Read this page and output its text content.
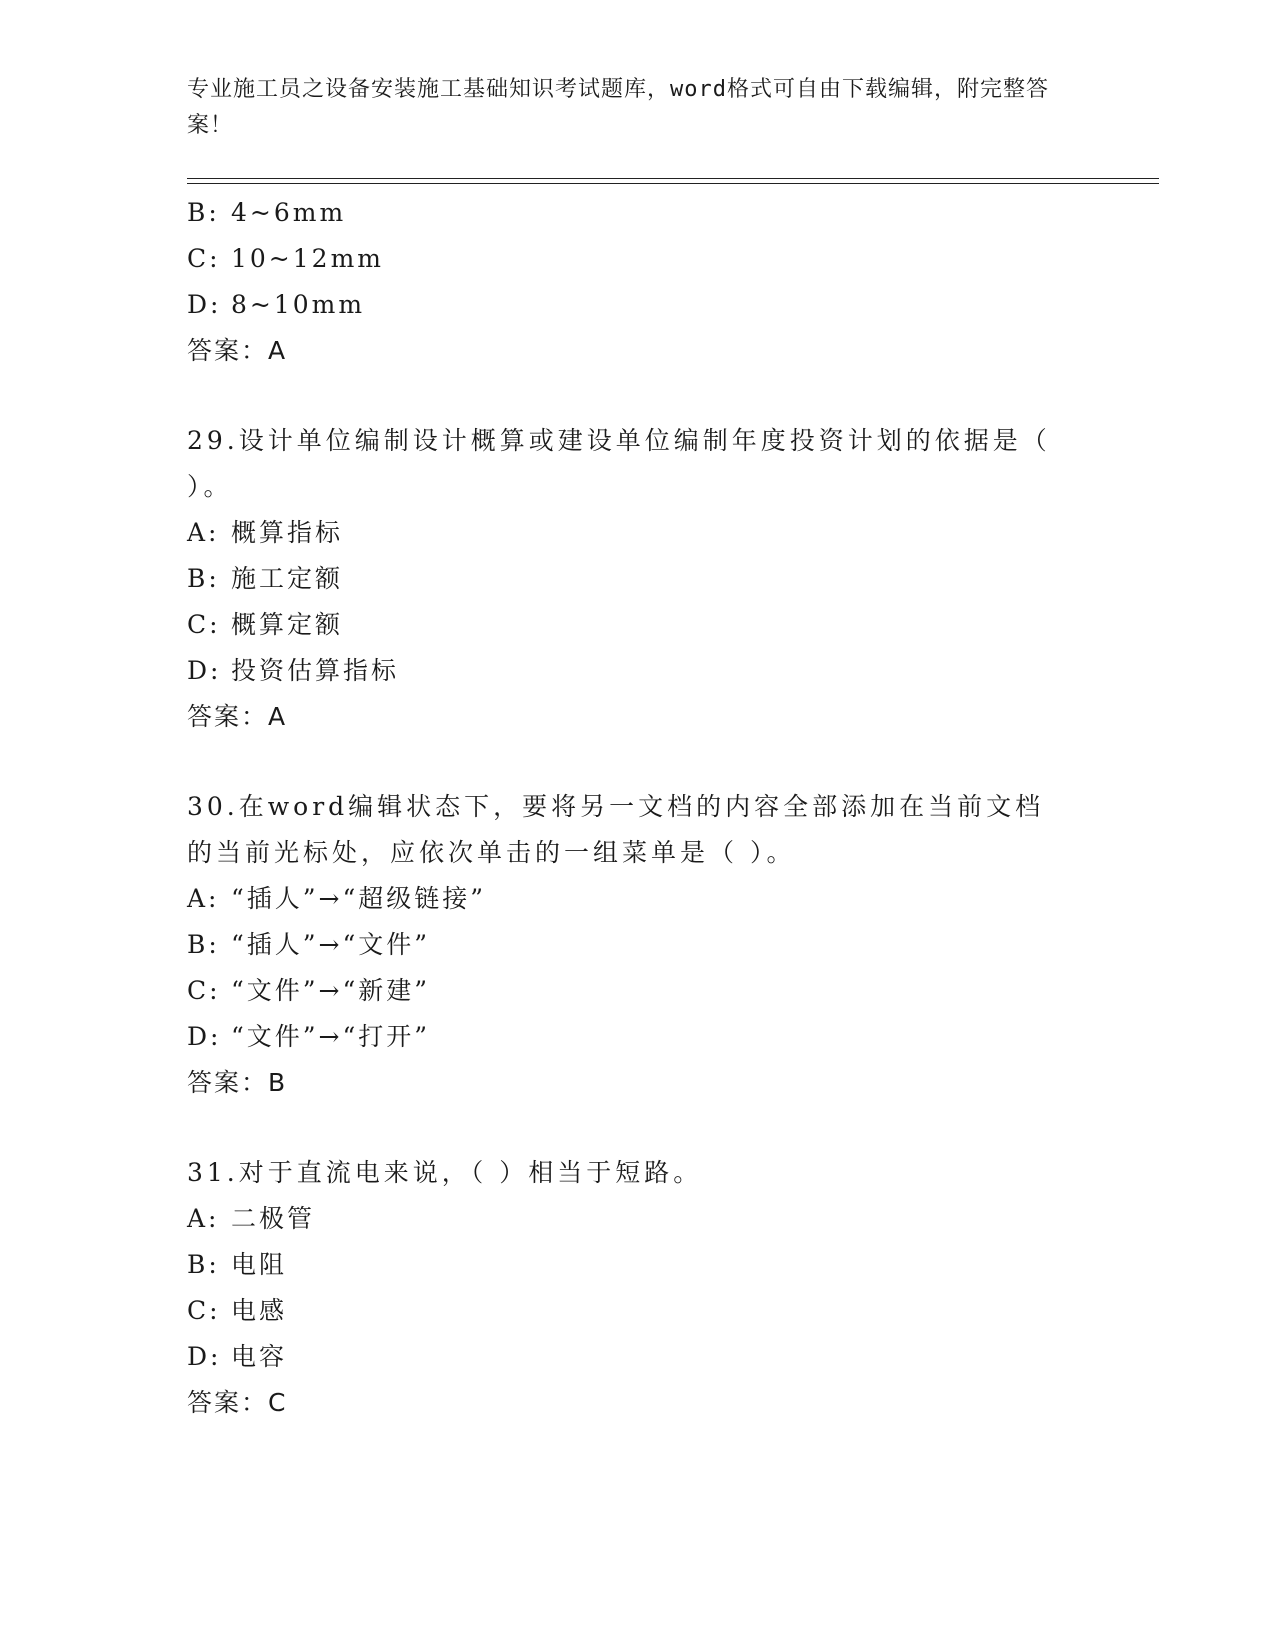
专业施工员之设备安装施工基础知识考试题库，word格式可自由下载编辑，附完整答案！
B: 4~6mm
C: 10~12mm
D: 8~10mm
答案：A
29.设计单位编制设计概算或建设单位编制年度投资计划的依据是（ ）。
A: 概算指标
B: 施工定额
C: 概算定额
D: 投资估算指标
答案：A
30.在word编辑状态下，要将另一文档的内容全部添加在当前文档的当前光标处，应依次单击的一组菜单是（ ）。
A: “插人”→“超级链接”
B: “插人”→“文件”
C: “文件”→“新建”
D: “文件”→“打开”
答案：B
31.对于直流电来说，（ ）相当于短路。
A: 二极管
B: 电阻
C: 电感
D: 电容
答案：C
